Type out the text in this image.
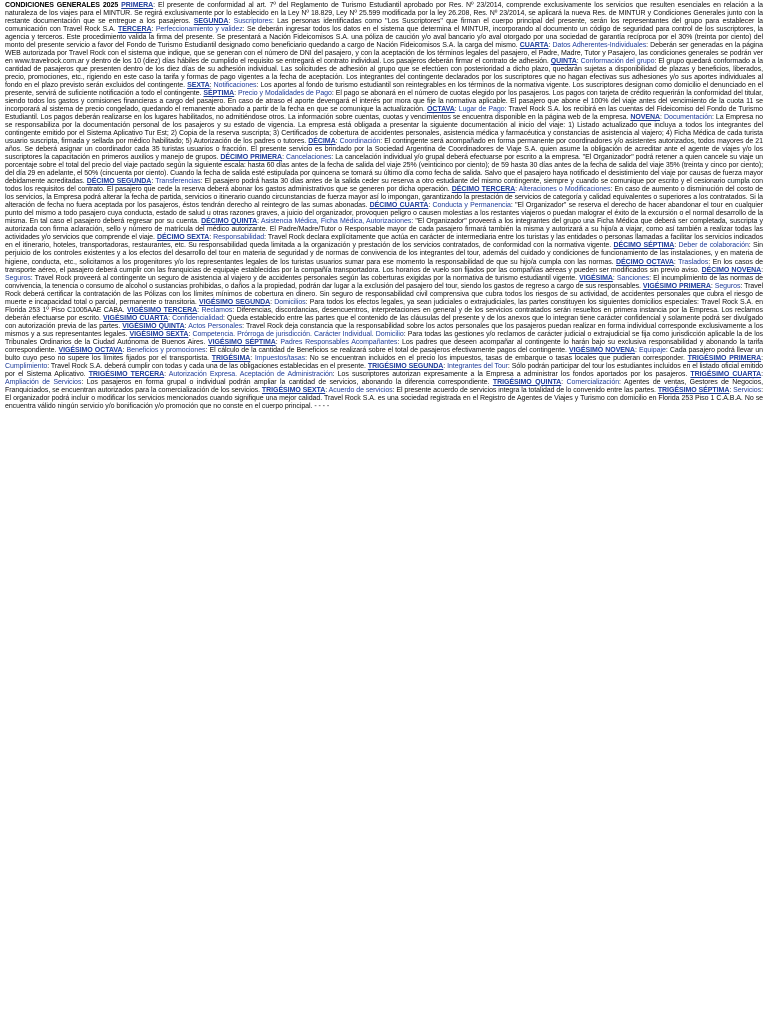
CONDICIONES GENERALES 2025 PRIMERA: El presente de conformidad al art. 7º del Reglamento de Turismo Estudiantil aprobado por Res. Nº 23/2014, comprende exclusivamente los servicios que resulten esenciales en relación a la naturaleza de los viajes para el MINTUR. Se regirá exclusivamente por lo establecido en la Ley Nº 18.829, Ley Nº 25.599 modificada por la ley 26.208, Res. Nº 23/2014, se aplicará la nueva Res. de MINTUR y Condiciones Generales junto con la restante documentación que se entregue a los pasajeros. SEGUNDA: Suscriptores: Las personas identificadas como "Los Suscriptores" que firman el cuerpo principal del presente, serán los representantes del grupo para establecer la comunicación con Travel Rock S.A. TERCERA: Perfeccionamiento y validez: Se deberán ingresar todos los datos en el sistema que determina el MINTUR, incorporando al documento un código de seguridad para control de los suscriptores, la agencia y terceros. Este procedimiento valida la firma del presente. Se presentará a Nación Fideicomisos S.A. una póliza de caución y/o aval bancario y/o aval otorgado por una sociedad de garantía recíproca por el 30% (treinta por ciento) del monto del presente servicio a favor del Fondo de Turismo Estudiantil designado como beneficiario quedando a cargo de Nación Fideicomisos S.A. la carga del mismo. CUARTA: Datos Adherentes-Individuales: Deberán ser generadas en la página WEB autorizada por Travel Rock con el sistema que indique, que se generan con el número de DNI del pasajero, y con la aceptación de los términos legales del pasajero, el Padre, Madre, Tutor y Pasajero, las condiciones generales se podrán ver en www.travelrock.com.ar y dentro de los 10 (diez) días hábiles de cumplido el requisito se entregará el contrato individual. Los pasajeros deberán firmar el contrato de adhesión. QUINTA: Conformación del grupo: El grupo quedará conformado a la cantidad de pasajeros que presenten dentro de los diez días de su adhesión individual. Las solicitudes de adhesión al grupo que se efectúen con posterioridad a dicho plazo, quedarán sujetas a disponibilidad de plazas y beneficios, liberados, precio, promociones, etc., rigiendo en este caso la tarifa y formas de pago vigentes a la fecha de aceptación. Los integrantes del contingente declarados por los suscriptores que no hagan efectivas sus adhesiones y/o sus aportes individuales al fondo en el plazo previsto serán excluidos del contingente. SEXTA: Notificaciones: Los aportes al fondo de turismo estudiantil son reintegrables en los términos de la normativa vigente. Los suscriptores designan como domicilio el denunciado en el presente, servirá de suficiente notificación a todo el contingente. SÉPTIMA: Precio y Modalidades de Pago: El pago se abonará en el número de cuotas elegido por los pasajeros. Los pagos con tarjeta de crédito requerirán la conformidad del titular, siendo todos los gastos y comisiones financieras a cargo del pasajero. En caso de atraso el aporte devengará el interés por mora que fije la normativa aplicable. El pasajero que abone el 100% del viaje antes del vencimiento de la cuota 11 se incorporará al sistema de precio congelado, quedando el remanente abonado a partir de la fecha en que se comunique la actualización. OCTAVA: Lugar de Pago: Travel Rock S.A. los recibirá en las cuentas del Fideicomiso del Fondo de Turismo Estudiantil. Los pagos deberán realizarse en los lugares habilitados, no admitiéndose otros. La información sobre cuentas, cuotas y vencimientos se encuentra disponible en la página web de la empresa. NOVENA: Documentación: La Empresa no se responsabiliza por la documentación personal de los pasajeros y su estado de vigencia. La empresa está obligada a presentar la siguiente documentación al inicio del viaje: 1) Listado actualizado que incluya a todos los integrantes del contingente emitido por el Sistema Aplicativo Tur Est; 2) Copia de la reserva suscripta; 3) Certificados de cobertura de accidentes personales, asistencia médica y farmacéutica y constancias de asistencia al viajero; 4) Ficha Médica de cada turista usuario suscripta, firmada y sellada por médico habilitado; 5) Autorización de los padres o tutores. DÉCIMA: Coordinación: El contingente será acompañado en forma permanente por coordinadores y/o asistentes autorizados, todos mayores de 21 años. Se deberá asignar un coordinador cada 35 turistas usuarios o fracción. El presente servicio es brindado por la Sociedad Argentina de Coordinadores de Viaje S.A. quien asume la obligación de acreditar ante el agente de viajes y/o los suscriptores la capacitación en primeros auxilios y manejo de grupos. DÉCIMO PRIMERA: Cancelaciones: La cancelación individual y/o grupal deberá efectuarse por escrito a la empresa. "El Organizador" podrá retener a quien cancele su viaje un porcentaje sobre el total del precio del viaje pactado según la siguiente escala: hasta 60 días antes de la fecha de salida del viaje 25% (veinticinco por ciento); de 59 hasta 30 días antes de la fecha de salida del viaje 35% (treinta y cinco por ciento); del día 29 en adelante, el 50% (cincuenta por ciento). Cuando la fecha de salida esté estipulada por quincena se tomará su último día como fecha de salida. Salvo que el pasajero haya notificado el desistimiento del viaje por causas de fuerza mayor debidamente acreditadas. DÉCIMO SEGUNDA: Transferencias: El pasajero podrá hasta 30 días antes de la salida ceder su reserva a otro estudiante del mismo contingente, siempre y cuando se comunique por escrito y el cesionario cumpla con todos los requisitos del contrato. El pasajero que cede la reserva deberá abonar los gastos administrativos que se generen por dicha operación. DÉCIMO TERCERA: Alteraciones o Modificaciones: En caso de aumento o disminución del costo de los servicios, la Empresa podrá alterar la fecha de partida, servicios o itinerario cuando circunstancias de fuerza mayor así lo impongan, garantizando la prestación de servicios de categoría y calidad equivalentes o superiores a los contratados. Si la alteración de fecha no fuera aceptada por los pasajeros, éstos tendrán derecho al reintegro de las sumas abonadas. DÉCIMO CUARTA: Conducta y Permanencia: "El Organizador" se reserva el derecho de hacer abandonar el tour en cualquier punto del mismo a todo pasajero cuya conducta, estado de salud u otras razones graves, a juicio del organizador, provoquen peligro o causen molestias a los restantes viajeros o puedan malograr el éxito de la excursión o el normal desarrollo de la misma. En tal caso el pasajero deberá regresar por su cuenta. DÉCIMO QUINTA: Asistencia Médica, Ficha Médica, Autorizaciones: "El Organizador" proveerá a los integrantes del grupo una Ficha Médica que deberá ser completada, suscripta y autorizada con firma aclaración, sello y número de matrícula del médico autorizante. El Padre/Madre/Tutor o Responsable mayor de cada pasajero firmará también la misma y autorizará a su hijo/a a viajar, como así también a realizar todas las actividades y/o servicios que comprende el viaje. DÉCIMO SEXTA: Responsabilidad: Travel Rock declara explícitamente que actúa en carácter de intermediaria entre los turistas y las entidades o personas llamadas a facilitar los servicios indicados en el itinerario, hoteles, transportadoras, restaurantes, etc. Su responsabilidad queda limitada a la organización y prestación de los servicios contratados, de conformidad con la normativa vigente. DÉCIMO SÉPTIMA: Deber de colaboración: Sin perjuicio de los controles existentes y a los efectos del desarrollo del tour en materia de seguridad y de normas de convivencia de los integrantes del tour, además del cuidado y condiciones de funcionamiento de las instalaciones, y en materia de higiene, conducta, etc., solicitamos a los progenitores y/o los representantes legales de los turistas usuarios sumar para ese momento la responsabilidad de que su hijo/a cumpla con las normas. DÉCIMO OCTAVA: Traslados: En los casos de transporte aéreo, el pasajero deberá cumplir con las franquicias de equipaje establecidas por la compañía transportadora. Los horarios de vuelo son fijados por las compañías aéreas y pueden ser modificados sin previo aviso. DÉCIMO NOVENA: Seguros: Travel Rock proveerá al contingente un seguro de asistencia al viajero y de accidentes personales según las coberturas exigidas por la normativa de turismo estudiantil vigente. VIGÉSIMA: Sanciones: El incumplimiento de las normas de convivencia, la tenencia o consumo de alcohol o sustancias prohibidas, o daños a la propiedad, podrán dar lugar a la exclusión del pasajero del tour, siendo los gastos de regreso a cargo de sus responsables. VIGÉSIMO PRIMERA: Seguros: Travel Rock deberá certificar la contratación de las Pólizas con los límites mínimos de cobertura en dinero. Sin seguro de responsabilidad civil comprensiva que cubra todos los riesgos de su actividad, de accidentes personales que cubra el riesgo de muerte e incapacidad total o parcial, permanente o transitoria. VIGÉSIMO SEGUNDA: Domicilios: Para todos los efectos legales, ya sean judiciales o extrajudiciales, las partes constituyen los siguientes domicilios especiales: Travel Rock S.A. en Florida 253 1º Piso C1005AAE CABA. VIGÉSIMO TERCERA: Reclamos: Diferencias, discordancias, desencuentros, interpretaciones en general y de los servicios contratados serán resueltos en primera instancia por la Empresa. Los reclamos deberán efectuarse por escrito. VIGÉSIMO CUARTA: Confidencialidad: Queda establecido entre las partes que el contenido de las cláusulas del presente y de los anexos que lo integran tiene carácter confidencial y solamente podrá ser divulgado con autorización previa de las partes. VIGÉSIMO QUINTA: Actos Personales: Travel Rock deja constancia que la responsabilidad sobre los actos personales que los pasajeros puedan realizar en forma individual corresponde exclusivamente a los mismos y a sus representantes legales. VIGÉSIMO SEXTA: Competencia. Prórroga de jurisdicción. Carácter Individual. Domicilio: Para todas las gestiones y/o reclamos de carácter judicial o extrajudicial se fija como jurisdicción aplicable la de los Tribunales Ordinarios de la Ciudad Autónoma de Buenos Aires. VIGÉSIMO SÉPTIMA: Padres Responsables Acompañantes: Los padres que deseen acompañar al contingente lo harán bajo su exclusiva responsabilidad y abonando la tarifa correspondiente. VIGÉSIMO OCTAVA: Beneficios y promociones: El cálculo de la cantidad de Beneficios se realizará sobre el total de pasajeros efectivamente pagos del contingente. VIGÉSIMO NOVENA: Equipaje: Cada pasajero podrá llevar un bulto cuyo peso no supere los límites fijados por el transportista. TRIGÉSIMA: Impuestos/tasas: No se encuentran incluidos en el precio los impuestos, tasas de embarque o tasas locales que pudieran corresponder. TRIGÉSIMO PRIMERA: Cumplimiento: Travel Rock S.A. deberá cumplir con todas y cada una de las obligaciones establecidas en el presente. TRIGÉSIMO SEGUNDA: Integrantes del Tour: Sólo podrán participar del tour los estudiantes incluidos en el listado oficial emitido por el Sistema Aplicativo. TRIGÉSIMO TERCERA: Autorización Expresa. Aceptación de Administración: Los suscriptores autorizan expresamente a la Empresa a administrar los fondos aportados por los pasajeros. TRIGÉSIMO CUARTA: Ampliación de Servicios: Los pasajeros en forma grupal o individual podrán ampliar la cantidad de servicios, abonando la diferencia correspondiente. TRIGÉSIMO QUINTA: Comercialización: Agentes de ventas, Gestores de Negocios, Franquiciados, se encuentran autorizados para la comercialización de los servicios. TRIGÉSIMO SEXTA: Acuerdo de servicios: El presente acuerdo de servicios integra la totalidad de lo convenido entre las partes. TRIGÉSIMO SÉPTIMA: Servicios: El organizador podrá incluir o modificar los servicios mencionados cuando signifique una mejor calidad. Travel Rock S.A. es una sociedad registrada en el Registro de Agentes de Viajes y Turismo con domicilio en Florida 253 Piso 1 C.A.B.A. No se encuentra válido ningún servicio y/o bonificación y/o promoción que no conste en el cuerpo principal. - - - -
